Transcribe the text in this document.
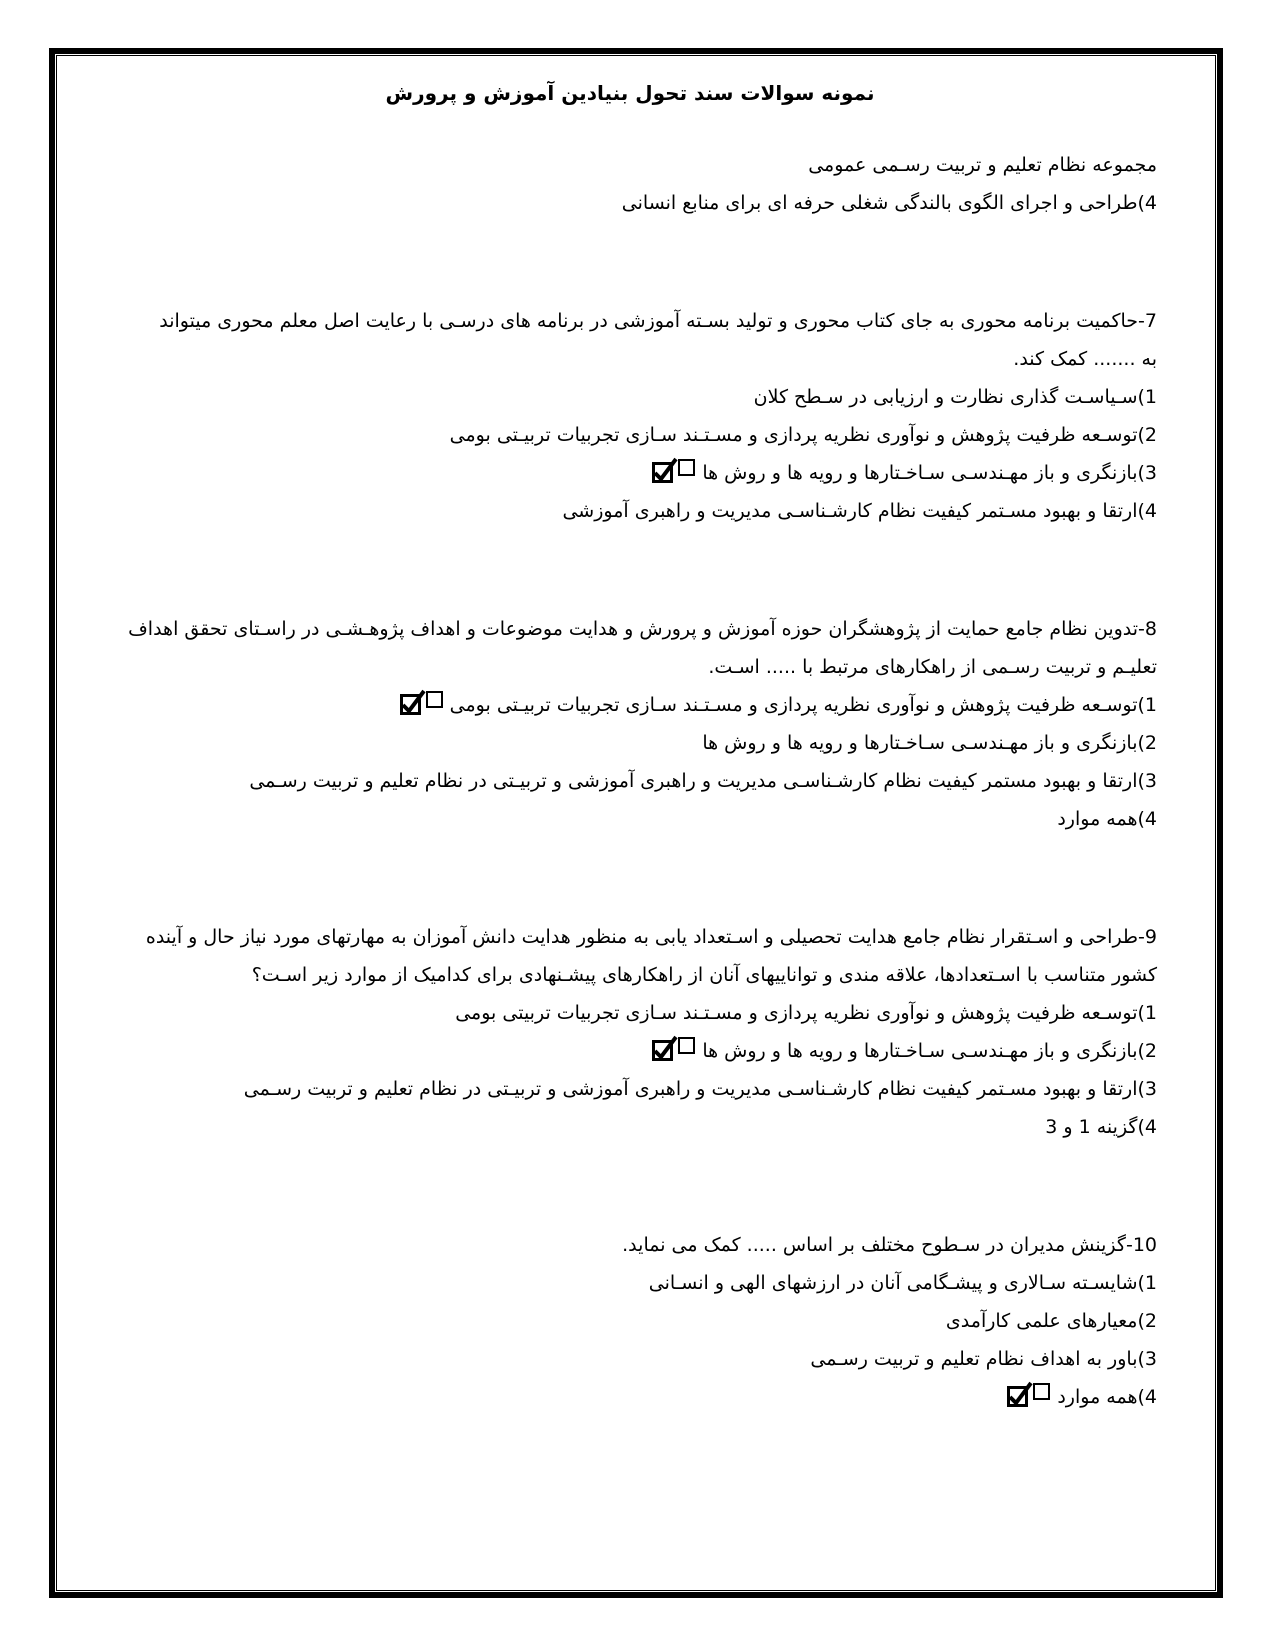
نمونه سوالات سند تحول بنیادین آموزش و پرورش
مجموعه نظام تعلیم و تربیت رسـمی عمومی
4)طراحی و اجرای الگوی بالندگی شغلی حرفه ای برای منابع انسانی
7-حاکمیت برنامه محوری به جای کتاب محوری و تولید بسـته آموزشی در برنامه های درسـی با رعایت اصل معلم محوری میتواند
به ....... کمک کند.
1)سـیاسـت گذاری نظارت و ارزیابی در سـطح کلان
2)توسـعه ظرفیت پژوهش و نوآوری نظریه پردازی و مسـتـند سـازی تجربیات تربیـتی بومی
3)بازنگری و باز مهـندسـی سـاخـتارها و رویه ها و روش ها
4)ارتقا و بهبود مسـتمر کیفیت نظام کارشـناسـی مدیریت و راهبری آموزشی
8-تدوین نظام جامع حمایت از پژوهشگران حوزه آموزش و پرورش و هدایت موضوعات و اهداف پژوهـشـی در راسـتای تحقق اهداف
تعلیـم و تربیت رسـمی از راهکارهای مرتبط با ..... اسـت.
1)توسـعه ظرفیت پژوهش و نوآوری نظریه پردازی و مسـتـند سـازی تجربیات تربیـتی بومی
2)بازنگری و باز مهـندسـی سـاخـتارها و رویه ها و روش ها
3)ارتقا و بهبود مستمر کیفیت نظام کارشـناسـی مدیریت و راهبری آموزشی و تربیـتی در نظام تعلیم و تربیت رسـمی
4)همه موارد
9-طراحی و اسـتقرار نظام جامع هدایت تحصیلی و اسـتعداد یابی به منظور هدایت دانش آموزان به مهارتهای مورد نیاز حال و آینده
کشور متناسب با اسـتعدادها، علاقه مندی و تواناییهای آنان از راهکارهای پیشـنهادی برای کدامیک از موارد زیر اسـت؟
1)توسـعه ظرفیت پژوهش و نوآوری نظریه پردازی و مسـتـند سـازی تجربیات تربیتی بومی
2)بازنگری و باز مهـندسـی سـاخـتارها و رویه ها و روش ها
3)ارتقا و بهبود مسـتمر کیفیت نظام کارشـناسـی مدیریت و راهبری آموزشی و تربیـتی در نظام تعلیم و تربیت رسـمی
4)گزینه 1 و 3
10-گزینش مدیران در سـطوح مختلف بر اساس ..... کمک می نماید.
1)شایسـته سـالاری و پیشـگامی آنان در ارزشهای الهی و انسـانی
2)معیارهای علمی کارآمدی
3)باور به اهداف نظام تعلیم و تربیت رسـمی
4)همه موارد
